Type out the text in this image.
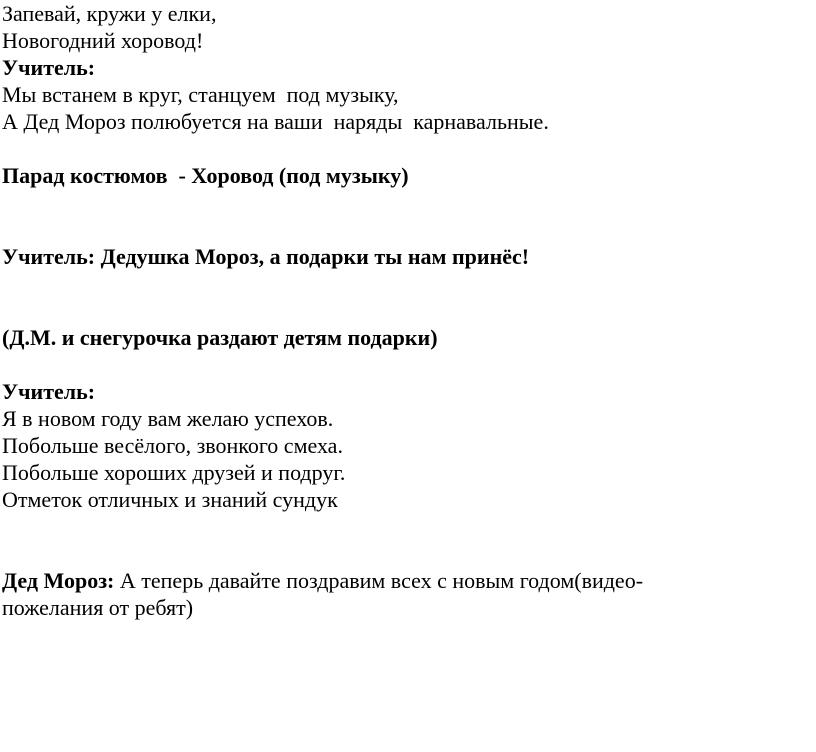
Запевай, кружи у елки,
Новогодний хоровод!
Учитель:
Мы встанем в круг, станцуем  под музыку,
А Дед Мороз полюбуется на ваши  наряды  карнавальные.
Парад костюмов  - Хоровод (под музыку)
Учитель: Дедушка Мороз, а подарки ты нам принёс!
(Д.М. и снегурочка раздают детям подарки)
Учитель:
Я в новом году вам желаю успехов.
Побольше весёлого, звонкого смеха.
Побольше хороших друзей и подруг.
Отметок отличных и знаний сундук
Дед Мороз: А теперь давайте поздравим всех с новым годом(видео-
пожелания от ребят)
